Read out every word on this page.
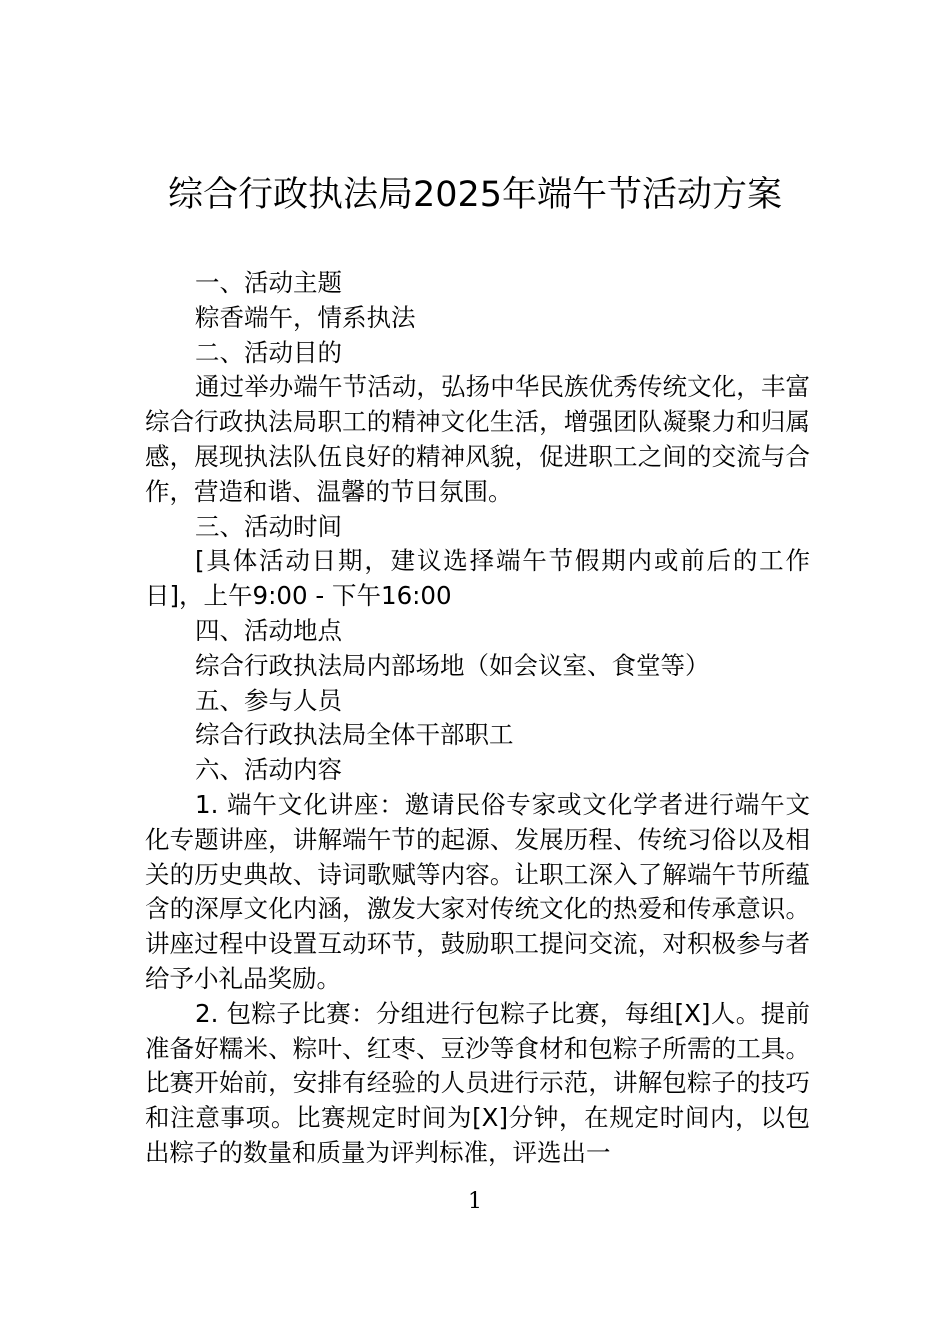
综合行政执法局2025年端午节活动方案

一、活动主题

粽香端午，情系执法

二、活动目的

通过举办端午节活动，弘扬中华民族优秀传统文化，丰富综合行政执法局职工的精神文化生活，增强团队凝聚力和归属感，展现执法队伍良好的精神风貌，促进职工之间的交流与合作，营造和谐、温馨的节日氛围。

三、活动时间

[具体活动日期，建议选择端午节假期内或前后的工作日]，上午9:00 - 下午16:00

四、活动地点

综合行政执法局内部场地（如会议室、食堂等）

五、参与人员

综合行政执法局全体干部职工

六、活动内容

1. 端午文化讲座：邀请民俗专家或文化学者进行端午文化专题讲座，讲解端午节的起源、发展历程、传统习俗以及相关的历史典故、诗词歌赋等内容。让职工深入了解端午节所蕴含的深厚文化内涵，激发大家对传统文化的热爱和传承意识。讲座过程中设置互动环节，鼓励职工提问交流，对积极参与者给予小礼品奖励。

2. 包粽子比赛：分组进行包粽子比赛，每组[X]人。提前准备好糯米、粽叶、红枣、豆沙等食材和包粽子所需的工具。比赛开始前，安排有经验的人员进行示范，讲解包粽子的技巧和注意事项。比赛规定时间为[X]分钟，在规定时间内，以包出粽子的数量和质量为评判标准，评选出一

1
